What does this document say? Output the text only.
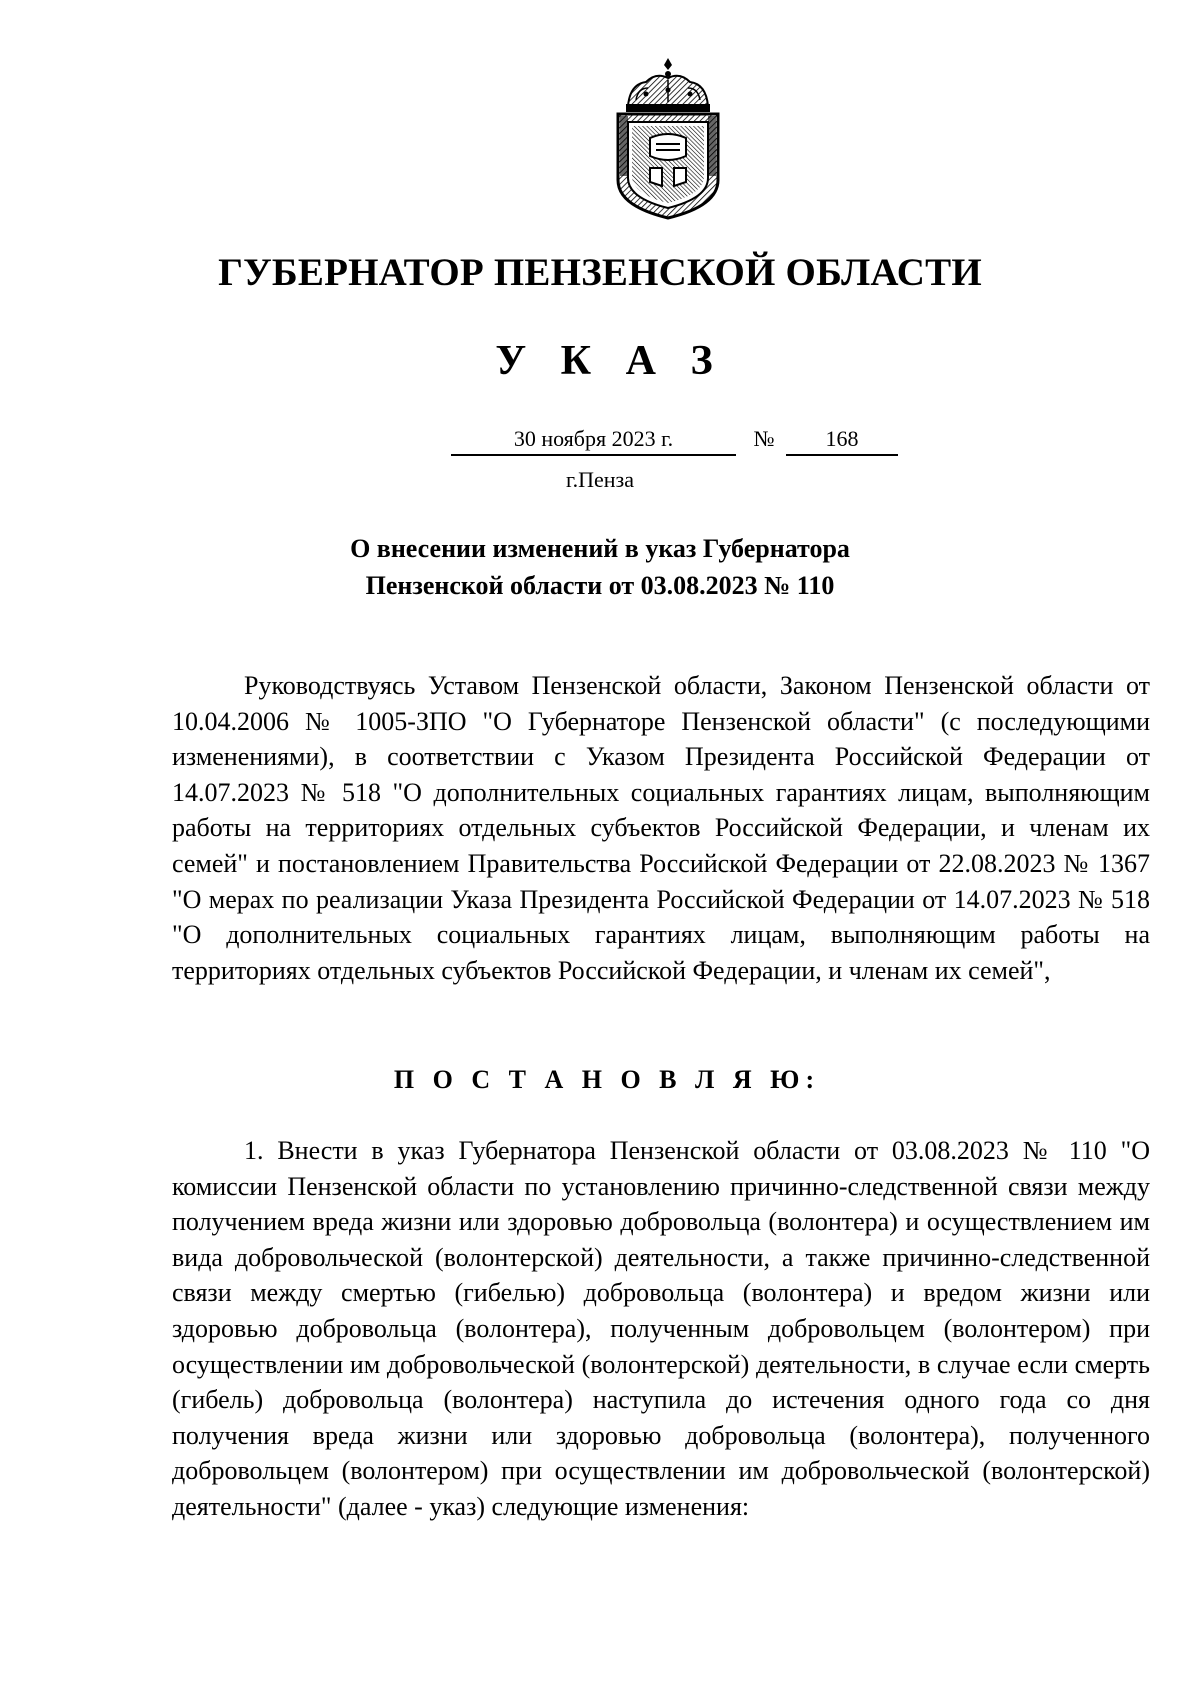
ГУБЕРНАТОР ПЕНЗЕНСКОЙ ОБЛАСТИ
У К А З
30 ноября 2023 г.	№	168
г.Пенза
О внесении изменений в указ Губернатора
Пензенской области от 03.08.2023 № 110

Руководствуясь Уставом Пензенской области, Законом Пензенской области от 10.04.2006 № 1005-ЗПО "О Губернаторе Пензенской области" (с последующими изменениями), в соответствии с Указом Президента Российской Федерации от 14.07.2023 № 518 "О дополнительных социальных гарантиях лицам, выполняющим работы на территориях отдельных субъектов Российской Федерации, и членам их семей" и постановлением Правительства Российской Федерации от 22.08.2023 № 1367 "О мерах по реализации Указа Президента Российской Федерации от 14.07.2023 № 518 "О дополнительных социальных гарантиях лицам, выполняющим работы на территориях отдельных субъектов Российской Федерации, и членам их семей",

П О С Т А Н О В Л Я Ю:

1. Внести в указ Губернатора Пензенской области от 03.08.2023 № 110 "О комиссии Пензенской области по установлению причинно-следственной связи между получением вреда жизни или здоровью добровольца (волонтера) и осуществлением им вида добровольческой (волонтерской) деятельности, а также причинно-следственной связи между смертью (гибелью) добровольца (волонтера) и вредом жизни или здоровью добровольца (волонтера), полученным добровольцем (волонтером) при осуществлении им добровольческой (волонтерской) деятельности, в случае если смерть (гибель) добровольца (волонтера) наступила до истечения одного года со дня получения вреда жизни или здоровью добровольца (волонтера), полученного добровольцем (волонтером) при осуществлении им добровольческой (волонтерской) деятельности" (далее - указ) следующие изменения:
